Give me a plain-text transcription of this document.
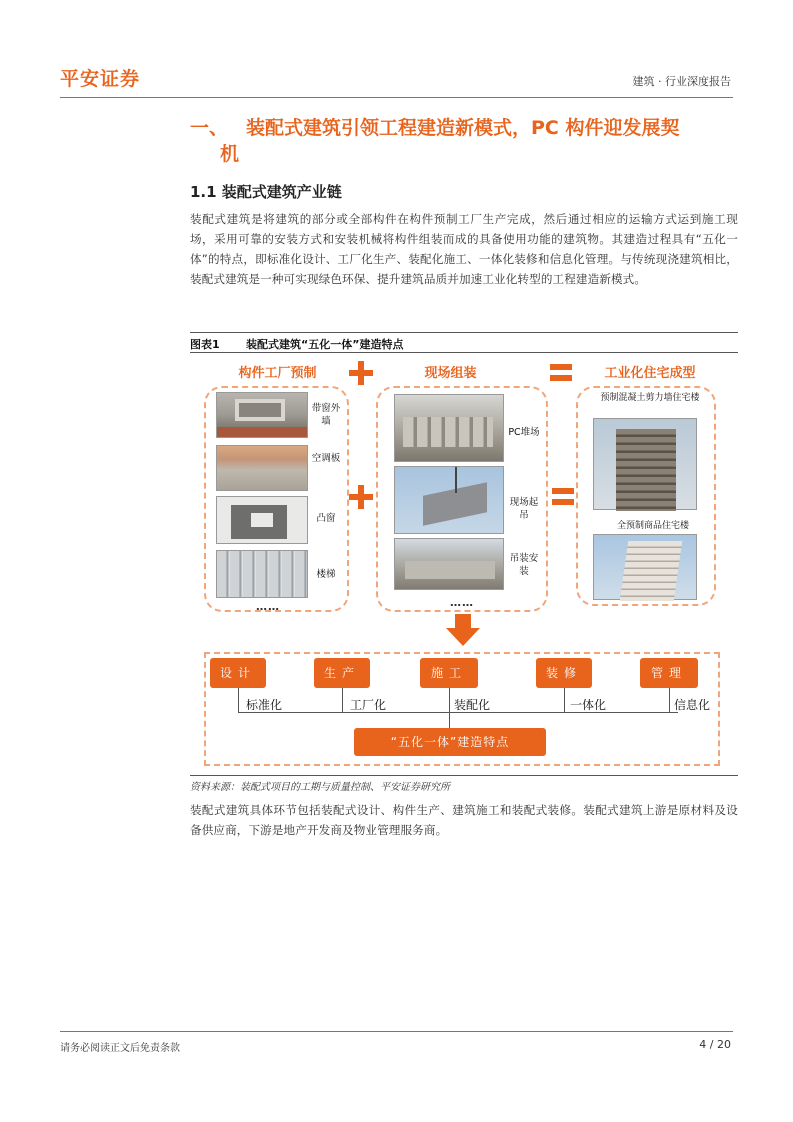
平安证券	建筑 · 行业深度报告
一、 装配式建筑引领工程建造新模式，PC 构件迎发展契
机
1.1 装配式建筑产业链
装配式建筑是将建筑的部分或全部构件在构件预制工厂生产完成，然后通过相应的运输方式运到施工现场，采用可靠的安装方式和安装机械将构件组装而成的具备使用功能的建筑物。其建造过程具有“五化一体”的特点，即标准化设计、工厂化生产、装配化施工、一体化装修和信息化管理。与传统现浇建筑相比，装配式建筑是一种可实现绿色环保、提升建筑品质并加速工业化转型的工程建造新模式。
图表1 装配式建筑“五化一体”建造特点
构件工厂预制	现场组装	工业化住宅成型
带窗外墙
空调板
凸窗
楼梯
……
PC堆场
现场起吊
吊装安装
……
预制混凝土剪力墙住宅楼
全预制商品住宅楼
设计	生产	施工	装修	管理
标准化	工厂化	装配化	一体化	信息化
“五化一体”建造特点
资料来源：装配式项目的工期与质量控制、平安证券研究所
装配式建筑具体环节包括装配式设计、构件生产、建筑施工和装配式装修。装配式建筑上游是原材料及设备供应商，下游是地产开发商及物业管理服务商。
请务必阅读正文后免责条款	4 / 20
